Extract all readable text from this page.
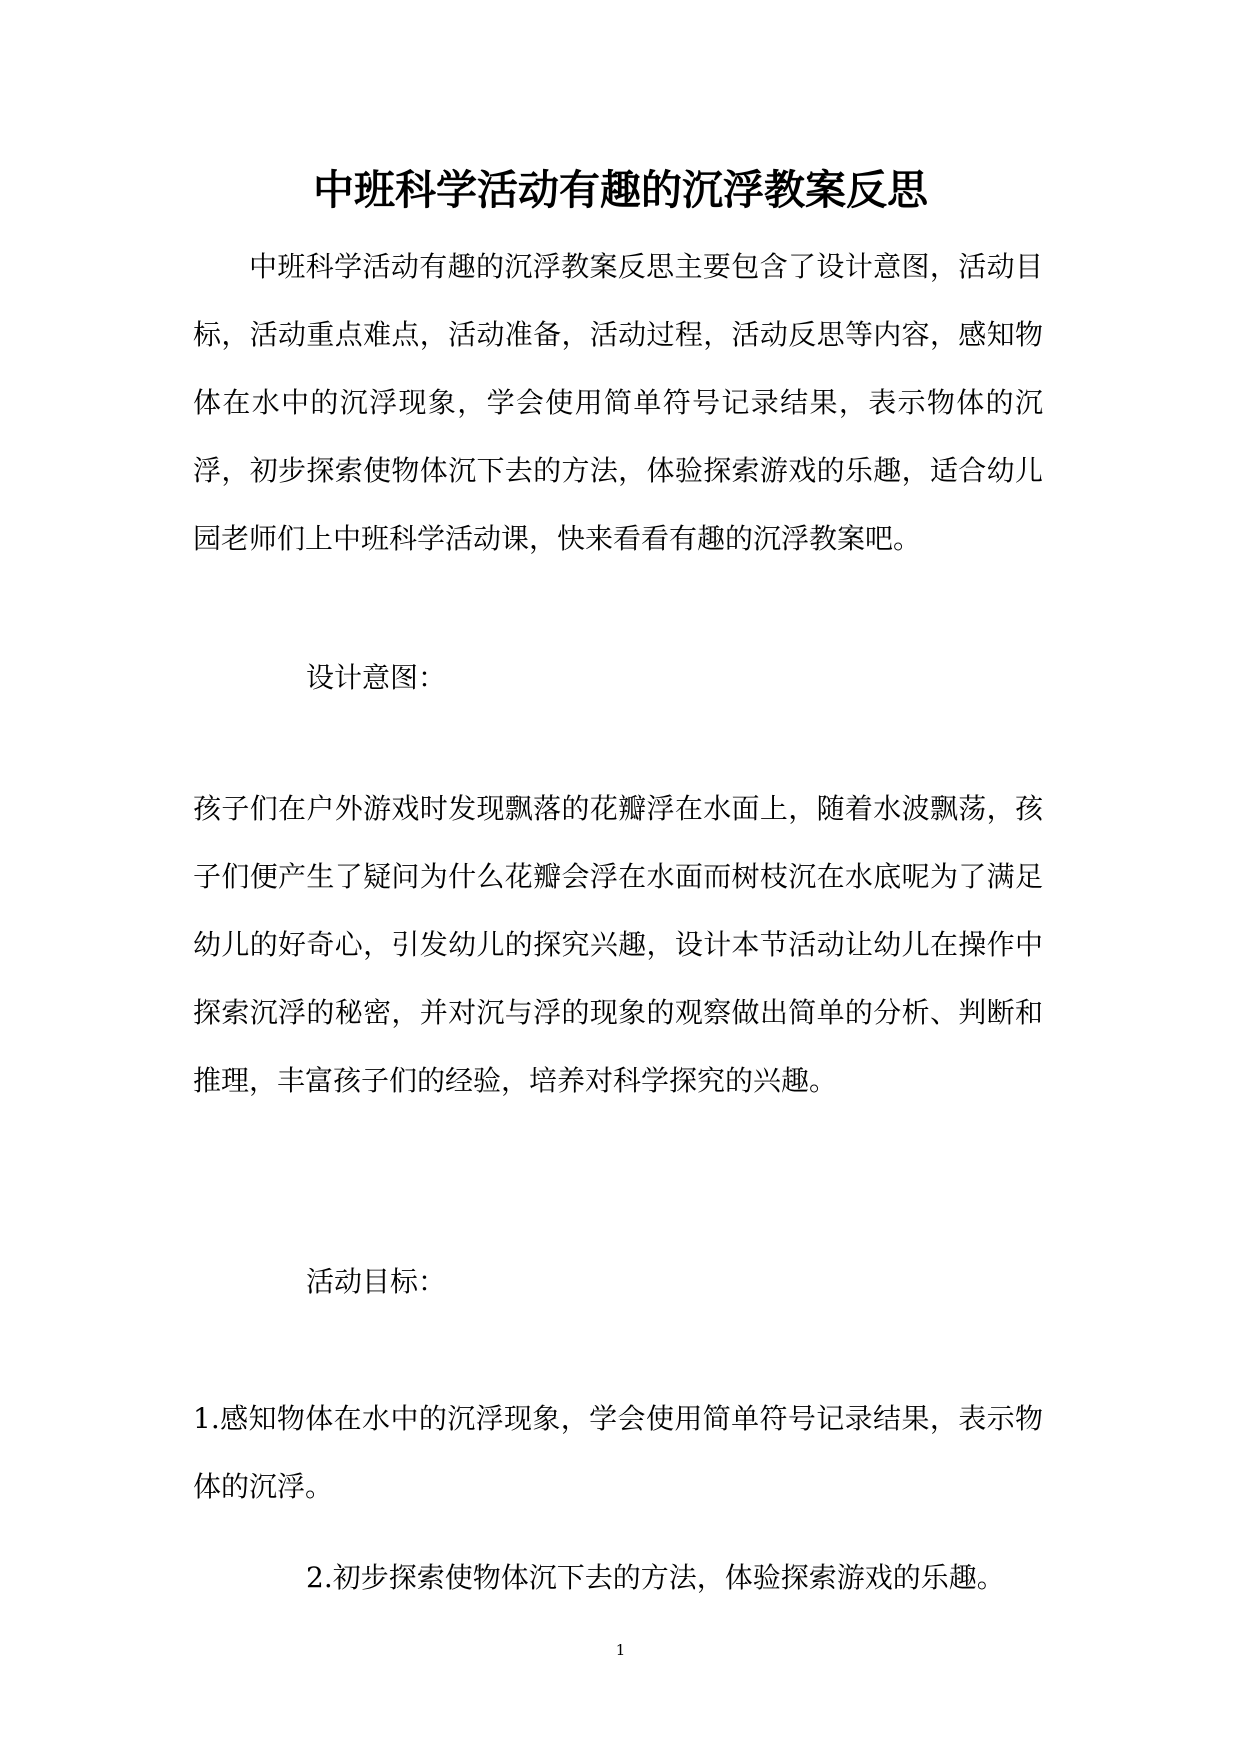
中班科学活动有趣的沉浮教案反思

中班科学活动有趣的沉浮教案反思主要包含了设计意图，活动目标，活动重点难点，活动准备，活动过程，活动反思等内容，感知物体在水中的沉浮现象，学会使用简单符号记录结果，表示物体的沉浮，初步探索使物体沉下去的方法，体验探索游戏的乐趣，适合幼儿园老师们上中班科学活动课，快来看看有趣的沉浮教案吧。

设计意图：

孩子们在户外游戏时发现飘落的花瓣浮在水面上，随着水波飘荡，孩子们便产生了疑问为什么花瓣会浮在水面而树枝沉在水底呢为了满足幼儿的好奇心，引发幼儿的探究兴趣，设计本节活动让幼儿在操作中探索沉浮的秘密，并对沉与浮的现象的观察做出简单的分析、判断和推理，丰富孩子们的经验，培养对科学探究的兴趣。

活动目标：

1.感知物体在水中的沉浮现象，学会使用简单符号记录结果，表示物体的沉浮。

2.初步探索使物体沉下去的方法，体验探索游戏的乐趣。

1
